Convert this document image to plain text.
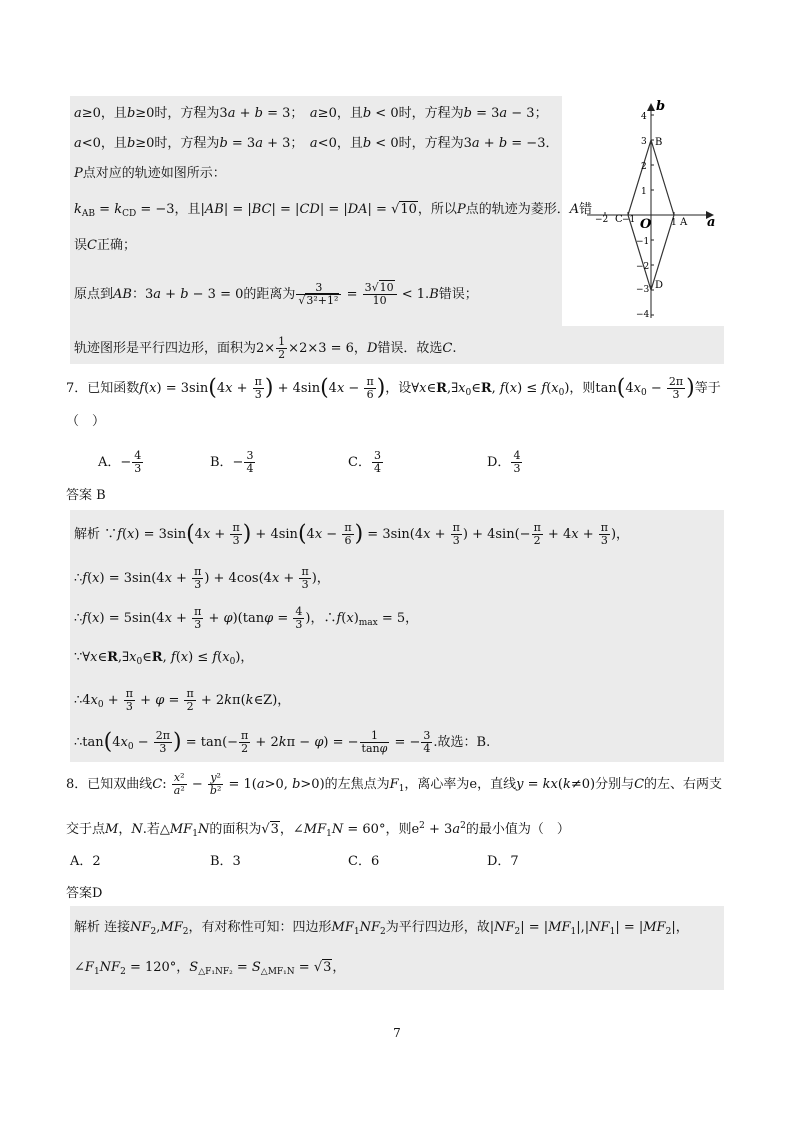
a≥0，且b≥0时，方程为3a + b = 3；　a≥0，且b < 0时，方程为b = 3a − 3；
a<0，且b≥0时，方程为b = 3a + 3；　a<0，且b < 0时，方程为3a + b = −3．
P点对应的轨迹如图所示：
$k_{AB} = k_{CD} = -3$，且|AB| = |BC| = |CD| = |DA| = √10，所以P点的轨迹为菱形．A错
误C正确；
原点到AB：3a + b − 3 = 0的距离为 $\frac{3}{\text{√3²+1²}} = \frac{3√10}{10} < 1.B$错误；
轨迹图形是平行四边形，面积为$2\times \frac{1}{2} \times 2\times 3 = 6$，D错误．故选C.
b
a
O
B
A
C
D
−2 −1	1
4
3
2
1
−1
−2
−3
−4
7．已知函数$f(x) = 3\sin(4x + \frac{\pi}{3}$ ) + $4\sin(4x - \frac{\pi}{6}$ )，设$\forall x\in R,\exists x_0\in R$, $f(x) \le f(x_0)$，则$\tan(4x_0 - \frac{2\pi}{3}$ )等于
（　）
A．− $\frac{4}{3}$	B．− $\frac{3}{4}$	C． $\frac{3}{4}$	D． $\frac{4}{3}$
答案 B
解析 ∵f(x) = $3\sin(4x + \frac{\pi}{3}$ ) + $4\sin(4x - \frac{\pi}{6}$ ) = $3\sin(4x + \frac{\pi}{3}$ ) + $4\sin(- \frac{\pi}{2} + 4x + \frac{\pi}{3}$ )，
∴f(x) = $3\sin(4x + \frac{\pi}{3}$ ) + $4\cos(4x + \frac{\pi}{3}$ )，
∴f(x) = $5\sin(4x + \frac{\pi}{3} + \varphi)(\tan\varphi = \frac{4}{3}$ )，$\therefore f(x)_{max} = 5$，
$\because\forall x\in R,\exists x_0\in R$, $f(x) \le f(x_0)$，
$\therefore 4x_0 + \frac{\pi}{3} + \varphi = \frac{\pi}{2}$ + 2kπ(k∈Z)，
$\therefore\tan(4x_0 - \frac{2\pi}{3}$ ) = $\tan(- \frac{\pi}{2} + 2k\pi - \varphi)$ = − $\frac{1}{\tan\varphi}$ = − $\frac{3}{4}$ .故选：B.
8．已知双曲线C: $\frac{\text{x²}}{\text{a²}} - \frac{\text{y²}}{\text{b²}} = 1(a>0$, b>0)的左焦点为$F_1$，离心率为e，直线y = kx(k≠0)分别与C的左、右两支
交于点M，N.若$\triangle MF_1N$的面积为√3，$\angle MF_1N = 60^\circ$，则$e^2 + 3a^2$的最小值为（　）
A．2	B．3	C．6	D．7
答案D
解析 连接$NF_2,MF_2$，有对称性可知：四边形$MF_1NF_2$为平行四边形，故$|NF_2| = |MF_1|,|NF_1| = |MF_2|$，
$\angle F_1NF_2 = 120^\circ$，$S_{\triangle F_1NF_2} = S_{\triangle MF_1N} = √3$，
7
